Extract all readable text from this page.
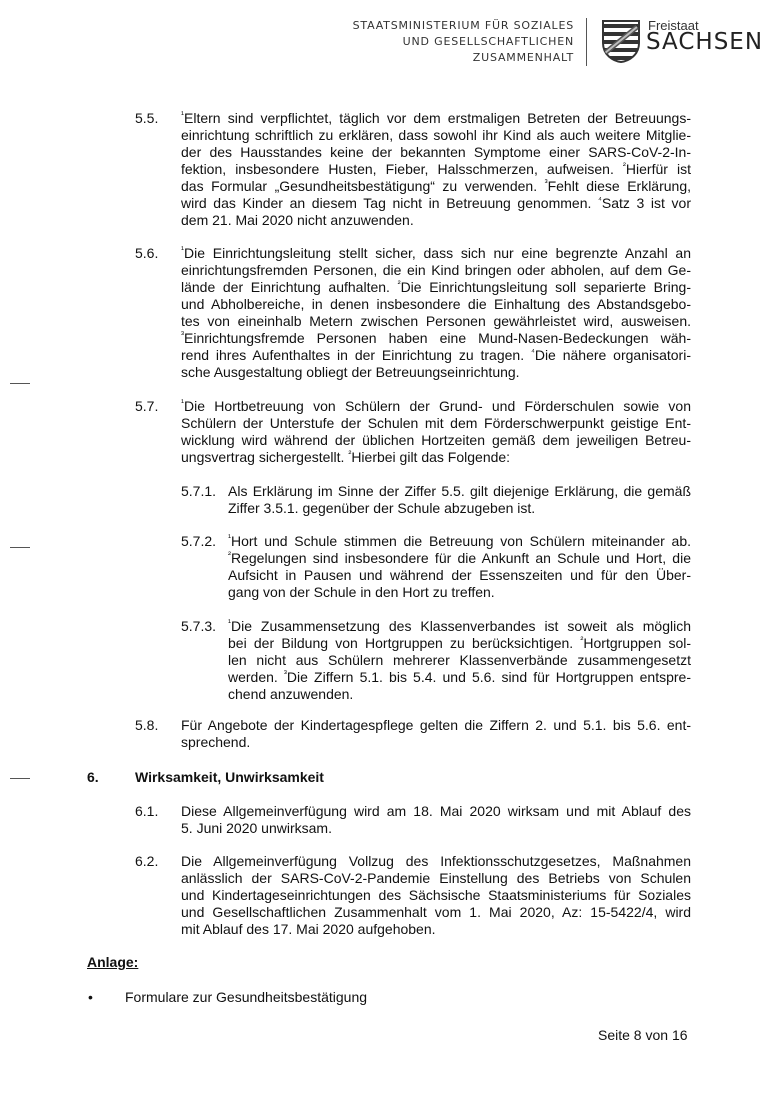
STAATSMINISTERIUM FÜR SOZIALES
UND GESELLSCHAFTLICHEN
ZUSAMMENHALT
Freistaat
SACHSEN
5.5.	$^{^1}$Eltern sind verpflichtet, täglich vor dem erstmaligen Betreten der Betreuungs-
einrichtung schriftlich zu erklären, dass sowohl ihr Kind als auch weitere Mitglie-
der des Hausstandes keine der bekannten Symptome einer SARS-CoV-2-In-
fektion, insbesondere Husten, Fieber, Halsschmerzen, aufweisen. $^{^2}$Hierfür ist
das Formular „Gesundheitsbestätigung“ zu verwenden. $^{^3}$Fehlt diese Erklärung,
wird das Kinder an diesem Tag nicht in Betreuung genommen. $^{^4}$Satz 3 ist vor
dem 21. Mai 2020 nicht anzuwenden.
5.6.	$^{^1}$Die Einrichtungsleitung stellt sicher, dass sich nur eine begrenzte Anzahl an
einrichtungsfremden Personen, die ein Kind bringen oder abholen, auf dem Ge-
lände der Einrichtung aufhalten. $^{^2}$Die Einrichtungsleitung soll separierte Bring-
und Abholbereiche, in denen insbesondere die Einhaltung des Abstandsgebo-
tes von eineinhalb Metern zwischen Personen gewährleistet wird, ausweisen.
$^{^3}$Einrichtungsfremde Personen haben eine Mund-Nasen-Bedeckungen wäh-
rend ihres Aufenthaltes in der Einrichtung zu tragen. $^{^4}$Die nähere organisatori-
sche Ausgestaltung obliegt der Betreuungseinrichtung.
5.7.	$^{^1}$Die Hortbetreuung von Schülern der Grund- und Förderschulen sowie von
Schülern der Unterstufe der Schulen mit dem Förderschwerpunkt geistige Ent-
wicklung wird während der üblichen Hortzeiten gemäß dem jeweiligen Betreu-
ungsvertrag sichergestellt. $^{^2}$Hierbei gilt das Folgende:
5.7.1. Als Erklärung im Sinne der Ziffer 5.5. gilt diejenige Erklärung, die gemäß
Ziffer 3.5.1. gegenüber der Schule abzugeben ist.
5.7.2. $^{^1}$Hort und Schule stimmen die Betreuung von Schülern miteinander ab.
$^{^2}$Regelungen sind insbesondere für die Ankunft an Schule und Hort, die
Aufsicht in Pausen und während der Essenszeiten und für den Über-
gang von der Schule in den Hort zu treffen.
5.7.3. $^{^1}$Die Zusammensetzung des Klassenverbandes ist soweit als möglich
bei der Bildung von Hortgruppen zu berücksichtigen. $^{^2}$Hortgruppen sol-
len nicht aus Schülern mehrerer Klassenverbände zusammengesetzt
werden. $^{^3}$Die Ziffern 5.1. bis 5.4. und 5.6. sind für Hortgruppen entspre-
chend anzuwenden.
5.8. Für Angebote der Kindertagespflege gelten die Ziffern 2. und 5.1. bis 5.6. ent-
sprechend.
6.	Wirksamkeit, Unwirksamkeit
6.1. Diese Allgemeinverfügung wird am 18. Mai 2020 wirksam und mit Ablauf des
5. Juni 2020 unwirksam.
6.2. Die Allgemeinverfügung Vollzug des Infektionsschutzgesetzes, Maßnahmen
anlässlich der SARS-CoV-2-Pandemie Einstellung des Betriebs von Schulen
und Kindertageseinrichtungen des Sächsische Staatsministeriums für Soziales
und Gesellschaftlichen Zusammenhalt vom 1. Mai 2020, Az: 15-5422/4, wird
mit Ablauf des 17. Mai 2020 aufgehoben.
Anlage:
• Formulare zur Gesundheitsbestätigung
Seite 8 von 16
